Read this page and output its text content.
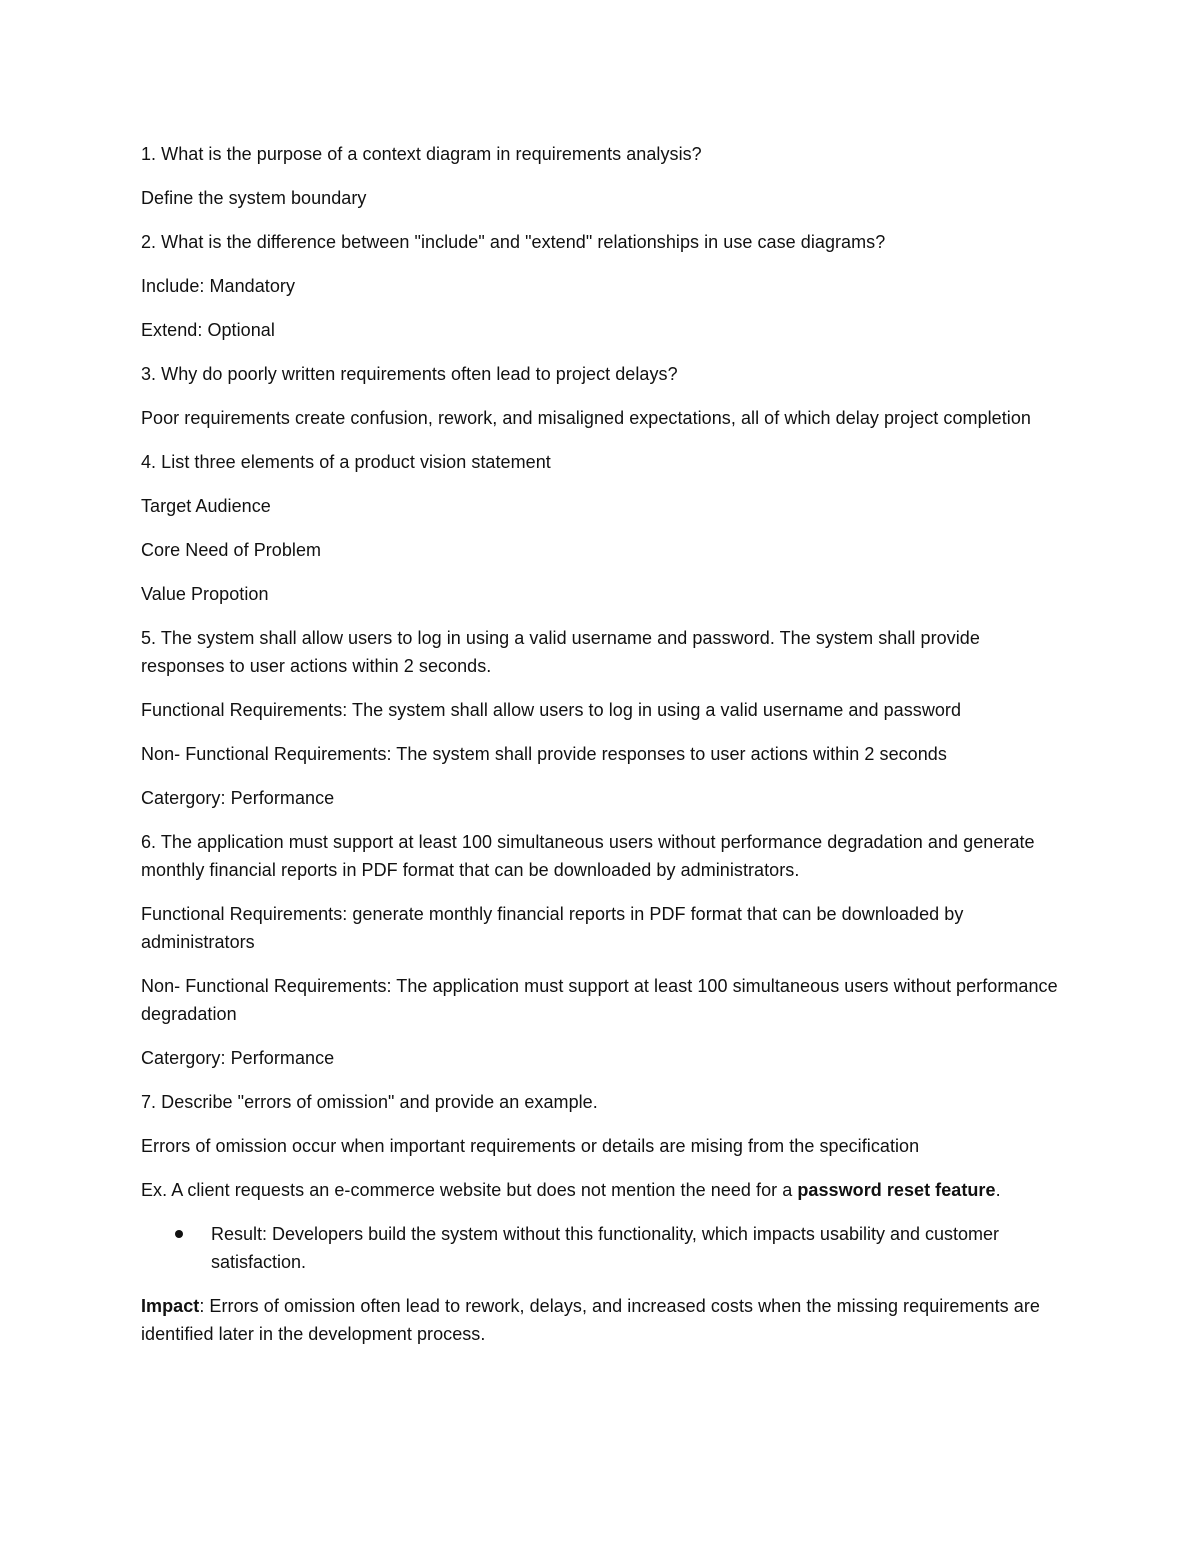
1. What is the purpose of a context diagram in requirements analysis?

Define the system boundary

2. What is the difference between "include" and "extend" relationships in use case diagrams?

Include: Mandatory

Extend: Optional

3. Why do poorly written requirements often lead to project delays?

Poor requirements create confusion, rework, and misaligned expectations, all of which delay project completion

4. List three elements of a product vision statement

Target Audience

Core Need of Problem

Value Propotion

5. The system shall allow users to log in using a valid username and password. The system shall provide responses to user actions within 2 seconds.

Functional Requirements: The system shall allow users to log in using a valid username and password

Non- Functional Requirements: The system shall provide responses to user actions within 2 seconds

Catergory: Performance

6. The application must support at least 100 simultaneous users without performance degradation and generate monthly financial reports in PDF format that can be downloaded by administrators.

Functional Requirements: generate monthly financial reports in PDF format that can be downloaded by administrators

Non- Functional Requirements: The application must support at least 100 simultaneous users without performance degradation

Catergory: Performance

7. Describe "errors of omission" and provide an example.

Errors of omission occur when important requirements or details are mising from the specification

Ex. A client requests an e-commerce website but does not mention the need for a password reset feature.

Result: Developers build the system without this functionality, which impacts usability and customer satisfaction.

Impact: Errors of omission often lead to rework, delays, and increased costs when the missing requirements are identified later in the development process.
